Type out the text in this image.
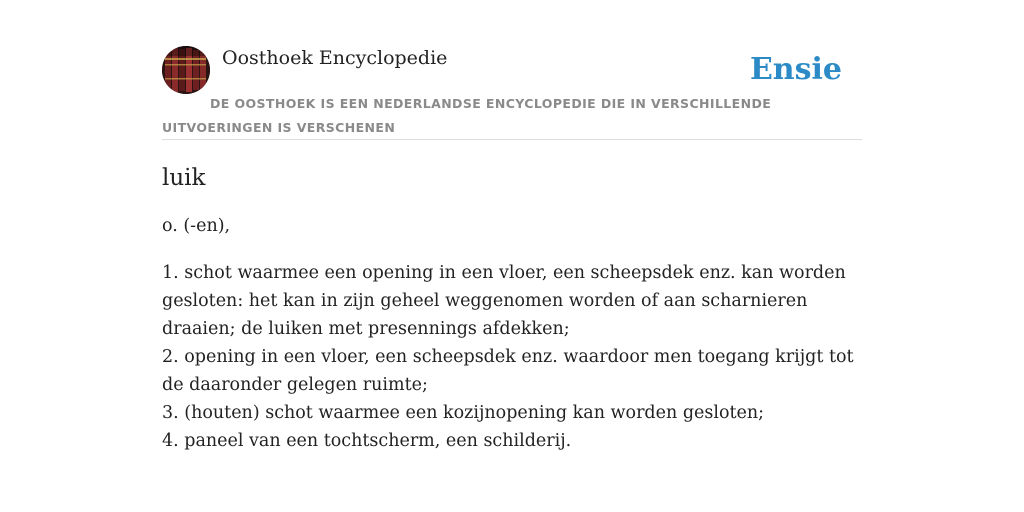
Oosthoek Encyclopedie	Ensie
DE OOSTHOEK IS EEN NEDERLANDSE ENCYCLOPEDIE DIE IN VERSCHILLENDE UITVOERINGEN IS VERSCHENEN
luik

o. (-en),

1. schot waarmee een opening in een vloer, een scheepsdek enz. kan worden gesloten: het kan in zijn geheel weggenomen worden of aan scharnieren draaien; de luiken met presennings afdekken;
2. opening in een vloer, een scheepsdek enz. waardoor men toegang krijgt tot de daaronder gelegen ruimte;
3. (houten) schot waarmee een kozijnopening kan worden gesloten;
4. paneel van een tochtscherm, een schilderij.
